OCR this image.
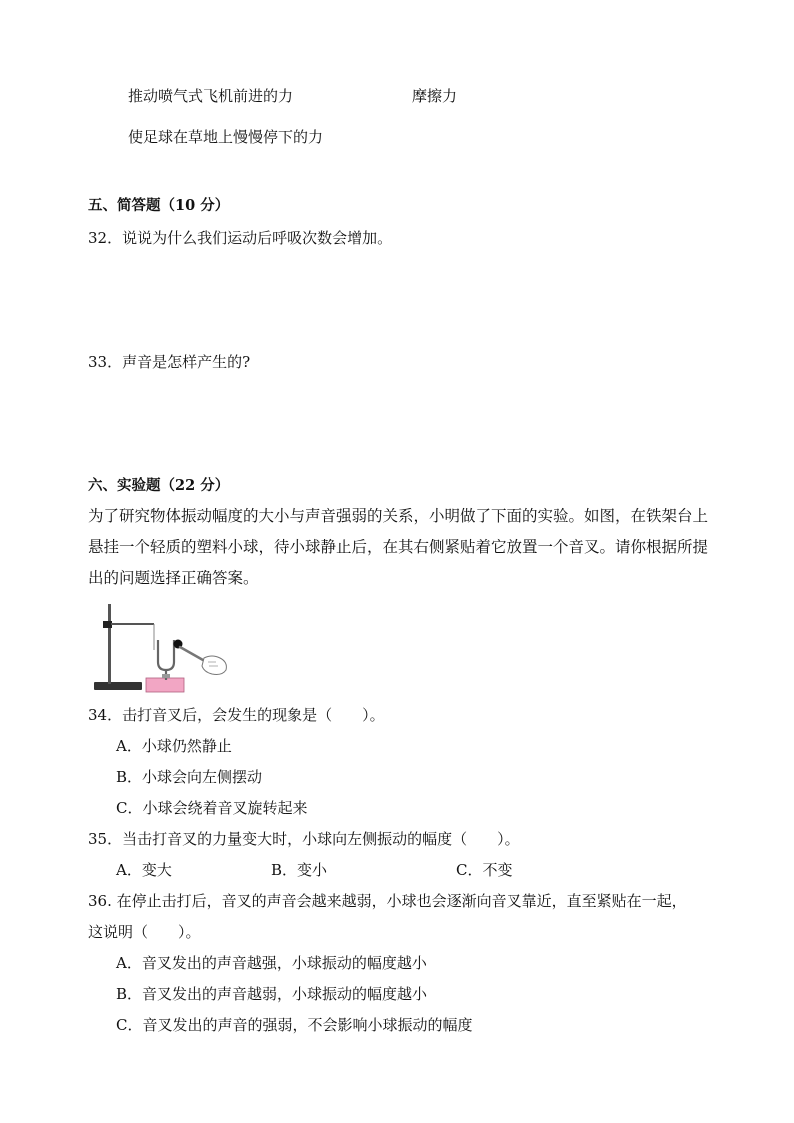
推动喷气式飞机前进的力	摩擦力
使足球在草地上慢慢停下的力
五、简答题（10 分）
32．说说为什么我们运动后呼吸次数会增加。
33．声音是怎样产生的?
六、实验题（22 分）
为了研究物体振动幅度的大小与声音强弱的关系，小明做了下面的实验。如图，在铁架台上悬挂一个轻质的塑料小球，待小球静止后，在其右侧紧贴着它放置一个音叉。请你根据所提出的问题选择正确答案。
34．击打音叉后，会发生的现象是（　　）。
A．小球仍然静止
B．小球会向左侧摆动
C．小球会绕着音叉旋转起来
35．当击打音叉的力量变大时，小球向左侧振动的幅度（　　）。
A．变大	B．变小	C．不变
36. 在停止击打后，音叉的声音会越来越弱，小球也会逐渐向音叉靠近，直至紧贴在一起，
这说明（　　）。
A．音叉发出的声音越强，小球振动的幅度越小
B．音叉发出的声音越弱，小球振动的幅度越小
C．音叉发出的声音的强弱，不会影响小球振动的幅度
